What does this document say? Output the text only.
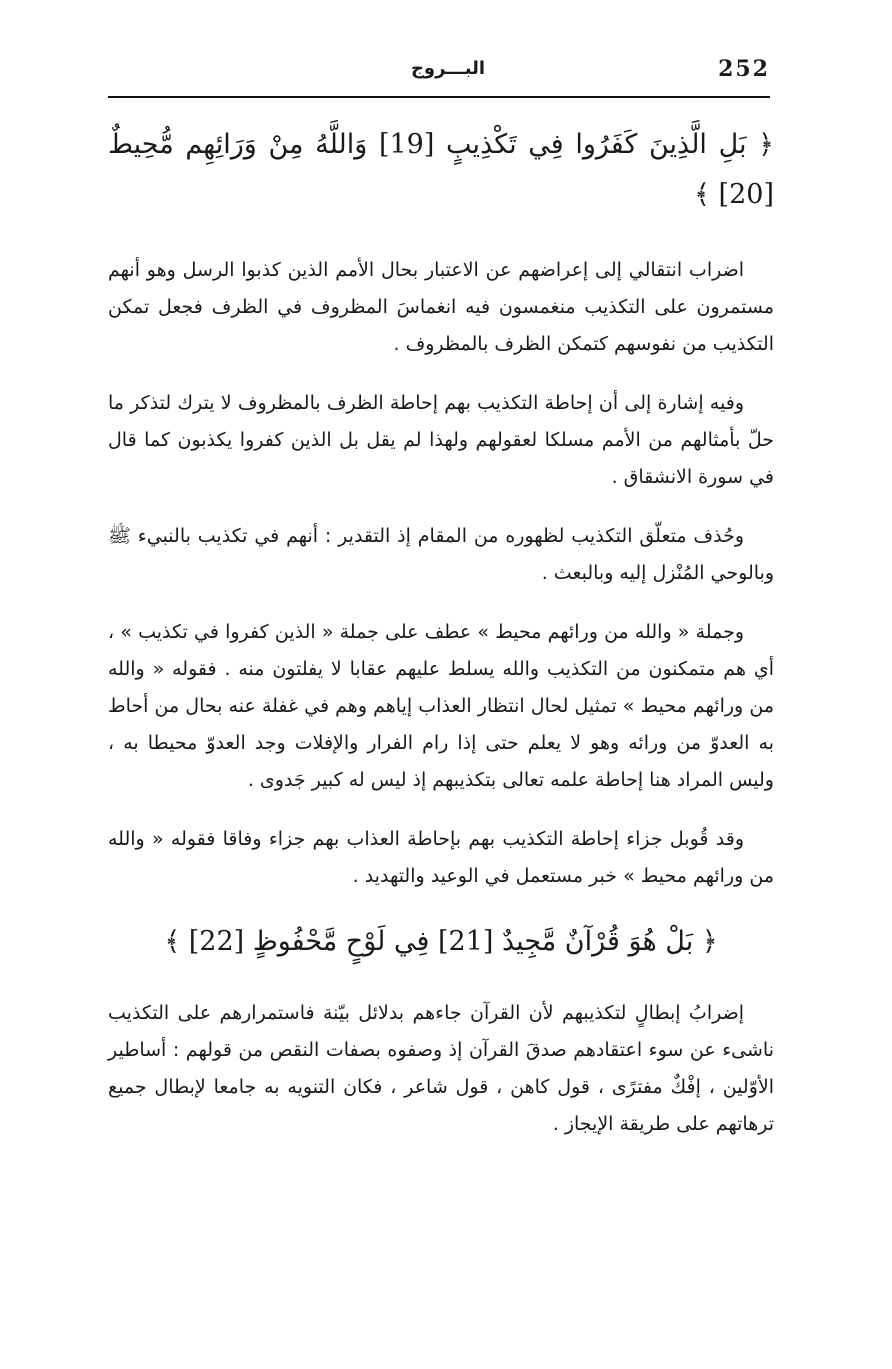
252
البـــروج

﴿ بَلِ الَّذِينَ كَفَرُوا فِي تَكْذِيبٍ [19] وَاللَّهُ مِنْ وَرَائِهِم مُّحِيطٌ [20] ﴾

اضراب انتقالي إلى إعراضهم عن الاعتبار بحال الأمم الذين كذبوا الرسل وهو أنهم مستمرون على التكذيب منغمسون فيه انغماسَ المظروف في الظرف فجعل تمكن التكذيب من نفوسهم كتمكن الظرف بالمظروف .

وفيه إشارة إلى أن إحاطة التكذيب بهم إحاطة الظرف بالمظروف لا يترك لتذكر ما حلّ بأمثالهم من الأمم مسلكا لعقولهم ولهذا لم يقل بل الذين كفروا يكذبون كما قال في سورة الانشقاق .

وحُذف متعلّق التكذيب لظهوره من المقام إذ التقدير : أنهم في تكذيب بالنبيء ﷺ وبالوحي المُنْزل إليه وبالبعث .

وجملة « والله من ورائهم محيط » عطف على جملة « الذين كفروا في تكذيب » ، أي هم متمكنون من التكذيب والله يسلط عليهم عقابا لا يفلتون منه . فقوله « والله من ورائهم محيط » تمثيل لحال انتظار العذاب إياهم وهم في غفلة عنه بحال من أحاط به العدوّ من ورائه وهو لا يعلم حتى إذا رام الفرار والإفلات وجد العدوّ محيطا به ، وليس المراد هنا إحاطة علمه تعالى بتكذيبهم إذ ليس له كبير جَدوى .

وقد قُوبل جزاء إحاطة التكذيب بهم بإحاطة العذاب بهم جزاء وفاقا فقوله « والله من ورائهم محيط » خبر مستعمل في الوعيد والتهديد .

﴿ بَلْ هُوَ قُرْآنٌ مَّجِيدٌ [21] فِي لَوْحٍ مَّحْفُوظٍ [22] ﴾

إضرابُ إبطالٍ لتكذيبهم لأن القرآن جاءهم بدلائل بيّنة فاستمرارهم على التكذيب ناشىء عن سوء اعتقادهم صدقَ القرآن إذ وصفوه بصفات النقص من قولهم : أساطير الأوّلين ، إفْكٌ مفترًى ، قول كاهن ، قول شاعر ، فكان التنويه به جامعا لإبطال جميع ترهاتهم على طريقة الإيجاز .
